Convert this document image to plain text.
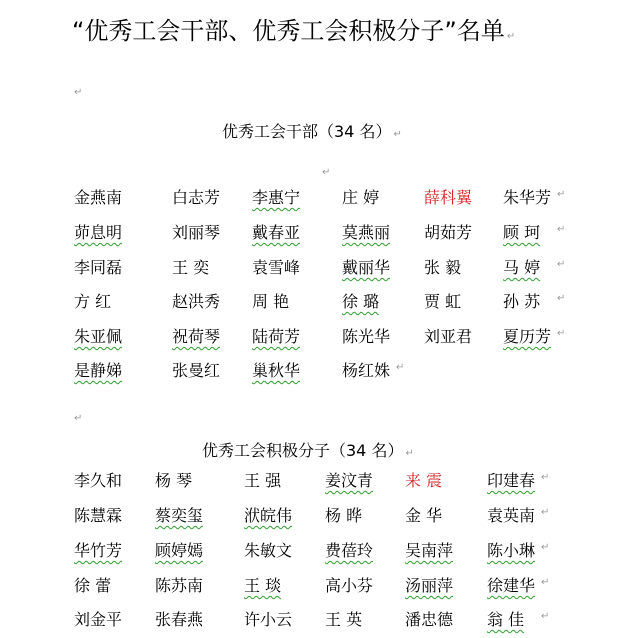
“优秀工会干部、优秀工会积极分子”名单 ↵
↵
优秀工会干部（34 名） ↵
↵
金燕南	白志芳 李惠宁	庄 婷	薛科翼 朱华芳 ↵
茆息明	刘丽琴 戴春亚	莫燕丽 胡茹芳 顾 珂 ↵
李同磊	王 奕	袁雪峰	戴丽华 张 毅	马 婷 ↵
方 红	赵洪秀 周 艳	徐 璐	贾 虹	孙 苏 ↵
朱亚佩	祝荷琴 陆荷芳	陈光华 刘亚君 夏历芳 ↵
是静娣	张曼红 巢秋华	杨红姝 ↵
↵
优秀工会积极分子（34 名） ↵
李久和 杨 琴	王 强	姜汶青 来 震	印建春 ↵
陈慧霖 蔡奕玺	洑皖伟 杨 晔	金 华	袁英南 ↵
华竹芳 顾婷嫣	朱敏文 费蓓玲 吴南萍 陈小琳 ↵
徐 蕾	陈苏南	王 琰	高小芬 汤丽萍 徐建华 ↵
刘金平 张春燕	许小云 王 英	潘忠德 翁 佳 ↵
